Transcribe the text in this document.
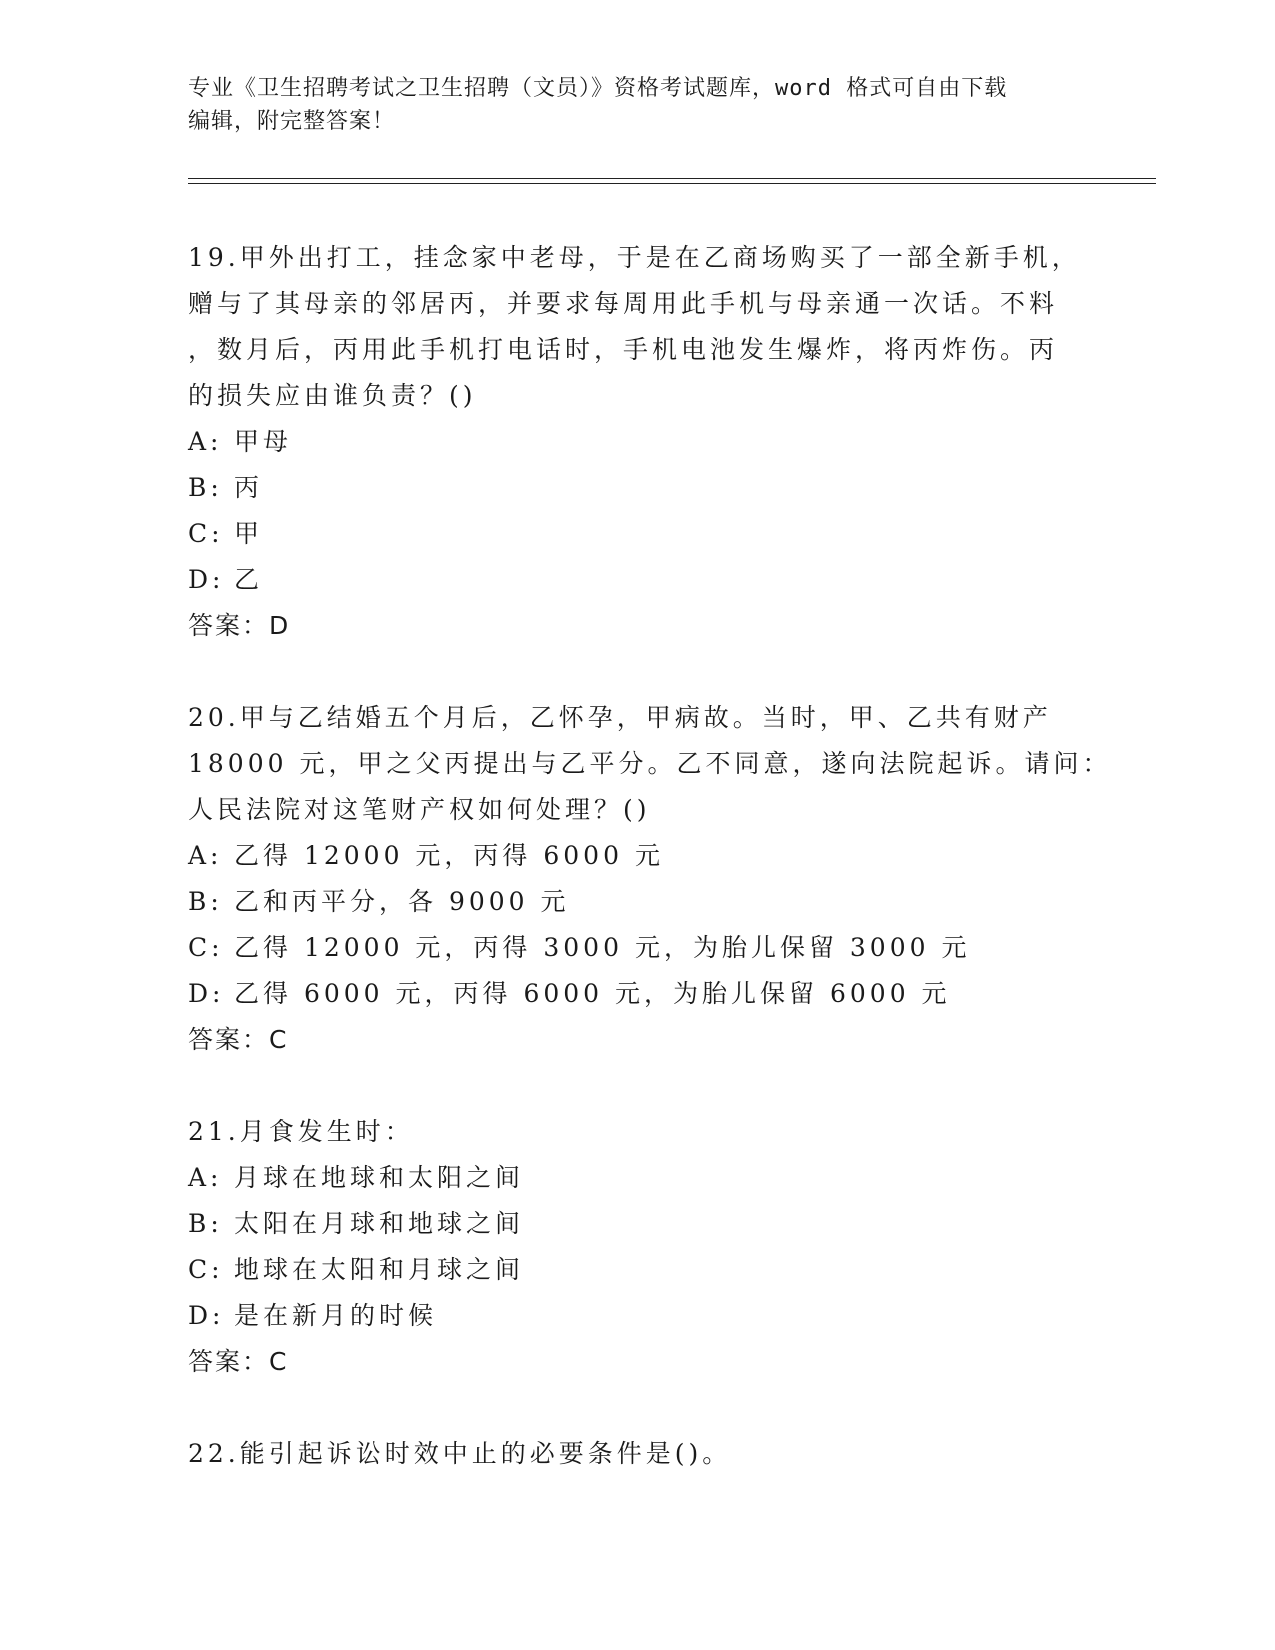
专业《卫生招聘考试之卫生招聘（文员）》资格考试题库，word 格式可自由下载
编辑，附完整答案！
19.甲外出打工，挂念家中老母，于是在乙商场购买了一部全新手机，
赠与了其母亲的邻居丙，并要求每周用此手机与母亲通一次话。不料
，数月后，丙用此手机打电话时，手机电池发生爆炸，将丙炸伤。丙
的损失应由谁负责？()
A: 甲母
B: 丙
C: 甲
D: 乙
答案：D
20.甲与乙结婚五个月后，乙怀孕，甲病故。当时，甲、乙共有财产
18000 元，甲之父丙提出与乙平分。乙不同意，遂向法院起诉。请问：
人民法院对这笔财产权如何处理？()
A: 乙得 12000 元，丙得 6000 元
B: 乙和丙平分，各 9000 元
C: 乙得 12000 元，丙得 3000 元，为胎儿保留 3000 元
D: 乙得 6000 元，丙得 6000 元，为胎儿保留 6000 元
答案：C
21.月食发生时：
A: 月球在地球和太阳之间
B: 太阳在月球和地球之间
C: 地球在太阳和月球之间
D: 是在新月的时候
答案：C
22.能引起诉讼时效中止的必要条件是()。
